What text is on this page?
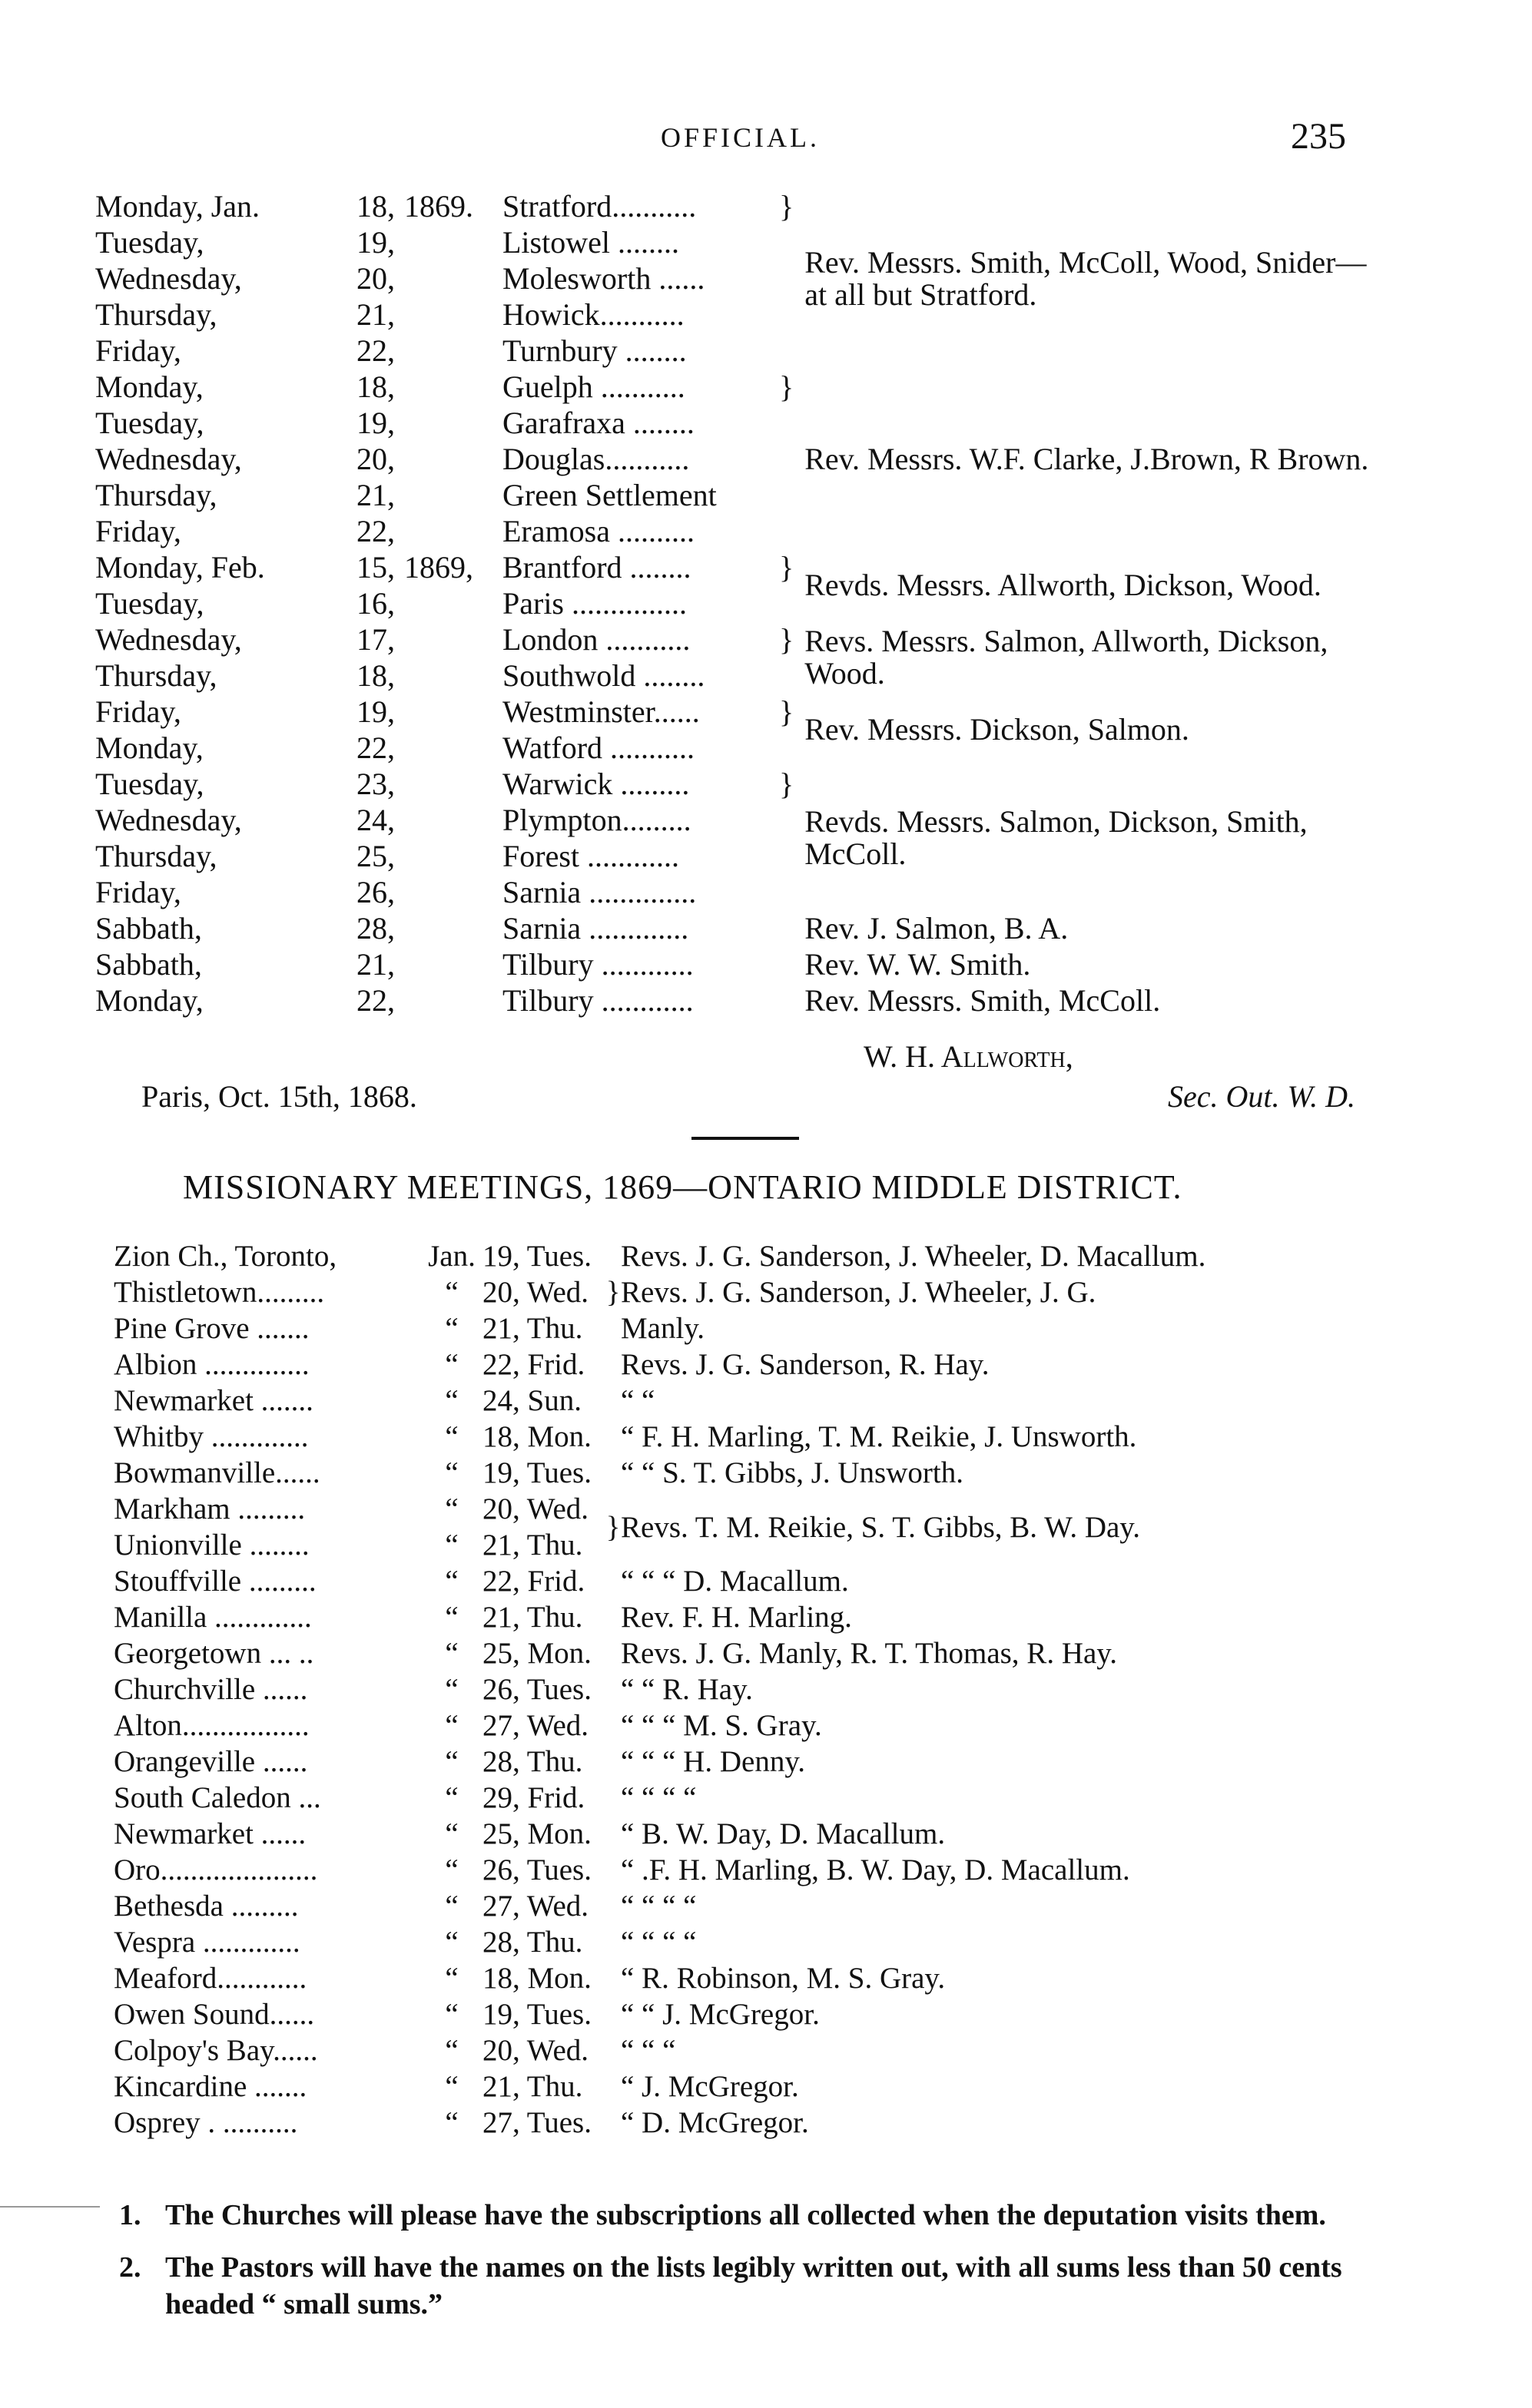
OFFICIAL.	235
Monday, Jan.	18,	1869.	Stratford...........	}	Rev. Messrs. Smith, McColl, Wood, Snider—at all but Stratford.
Tuesday,	19,		Listowel ........		
Wednesday,	20,		Molesworth ......		
Thursday,	21,		Howick...........		
Friday,	22,		Turnbury ........		
Monday,	18,		Guelph ...........	}	Rev. Messrs. W.F. Clarke, J.Brown, R Brown.
Tuesday,	19,		Garafraxa ........		
Wednesday,	20,		Douglas...........		
Thursday,	21,		Green Settlement		
Friday,	22,		Eramosa ..........		
Monday, Feb.	15,	1869,	Brantford ........	}	Revds. Messrs. Allworth, Dickson, Wood.
Tuesday,	16,		Paris ...............		
Wednesday,	17,		London ...........	}	Revs. Messrs. Salmon, Allworth, Dickson, Wood.
Thursday,	18,		Southwold ........		
Friday,	19,		Westminster......	}	Rev. Messrs. Dickson, Salmon.
Monday,	22,		Watford ...........		
Tuesday,	23,		Warwick .........	}	Revds. Messrs. Salmon, Dickson, Smith, McColl.
Wednesday,	24,		Plympton.........		
Thursday,	25,		Forest ............		
Friday,	26,		Sarnia ..............		
Sabbath,	28,		Sarnia .............		Rev. J. Salmon, B. A.
Sabbath,	21,		Tilbury ............		Rev. W. W. Smith.
Monday,	22,		Tilbury ............		Rev. Messrs. Smith, McColl.
W. H. Allworth,
Paris, Oct. 15th, 1868.	Sec. Out. W. D.
MISSIONARY MEETINGS, 1869—ONTARIO MIDDLE DISTRICT.
Zion Ch., Toronto,	Jan.	19, Tues.		Revs. J. G. Sanderson, J. Wheeler, D. Macallum.
Thistletown.........	“	20, Wed.	}	Revs. J. G. Sanderson, J. Wheeler, J. G.
Pine Grove .......	“	21, Thu.		Manly.
Albion ..............	“	22, Frid.		Revs. J. G. Sanderson, R. Hay.
Newmarket .......	“	24, Sun.		“ “
Whitby .............	“	18, Mon.		“ F. H. Marling, T. M. Reikie, J. Unsworth.
Bowmanville......	“	19, Tues.		“ “ S. T. Gibbs, J. Unsworth.
Markham .........	“	20, Wed.	}	Revs. T. M. Reikie, S. T. Gibbs, B. W. Day.
Unionville ........	“	21, Thu.		
Stouffville .........	“	22, Frid.		“ “ “ D. Macallum.
Manilla .............	“	21, Thu.		Rev. F. H. Marling.
Georgetown ... ..	“	25, Mon.		Revs. J. G. Manly, R. T. Thomas, R. Hay.
Churchville ......	“	26, Tues.		“ “ R. Hay.
Alton.................	“	27, Wed.		“ “ “ M. S. Gray.
Orangeville ......	“	28, Thu.		“ “ “ H. Denny.
South Caledon ...	“	29, Frid.		“ “ “ “
Newmarket ......	“	25, Mon.		“ B. W. Day, D. Macallum.
Oro.....................	“	26, Tues.		“ .F. H. Marling, B. W. Day, D. Macallum.
Bethesda .........	“	27, Wed.		“ “ “ “
Vespra .............	“	28, Thu.		“ “ “ “
Meaford............	“	18, Mon.		“ R. Robinson, M. S. Gray.
Owen Sound......	“	19, Tues.		“ “ J. McGregor.
Colpoy's Bay......	“	20, Wed.		“ “ “
Kincardine .......	“	21, Thu.		“ J. McGregor.
Osprey . ..........	“	27, Tues.		“ D. McGregor.
1. The Churches will please have the subscriptions all collected when the deputation visits them.
2. The Pastors will have the names on the lists legibly written out, with all sums less than 50 cents headed “ small sums.”
